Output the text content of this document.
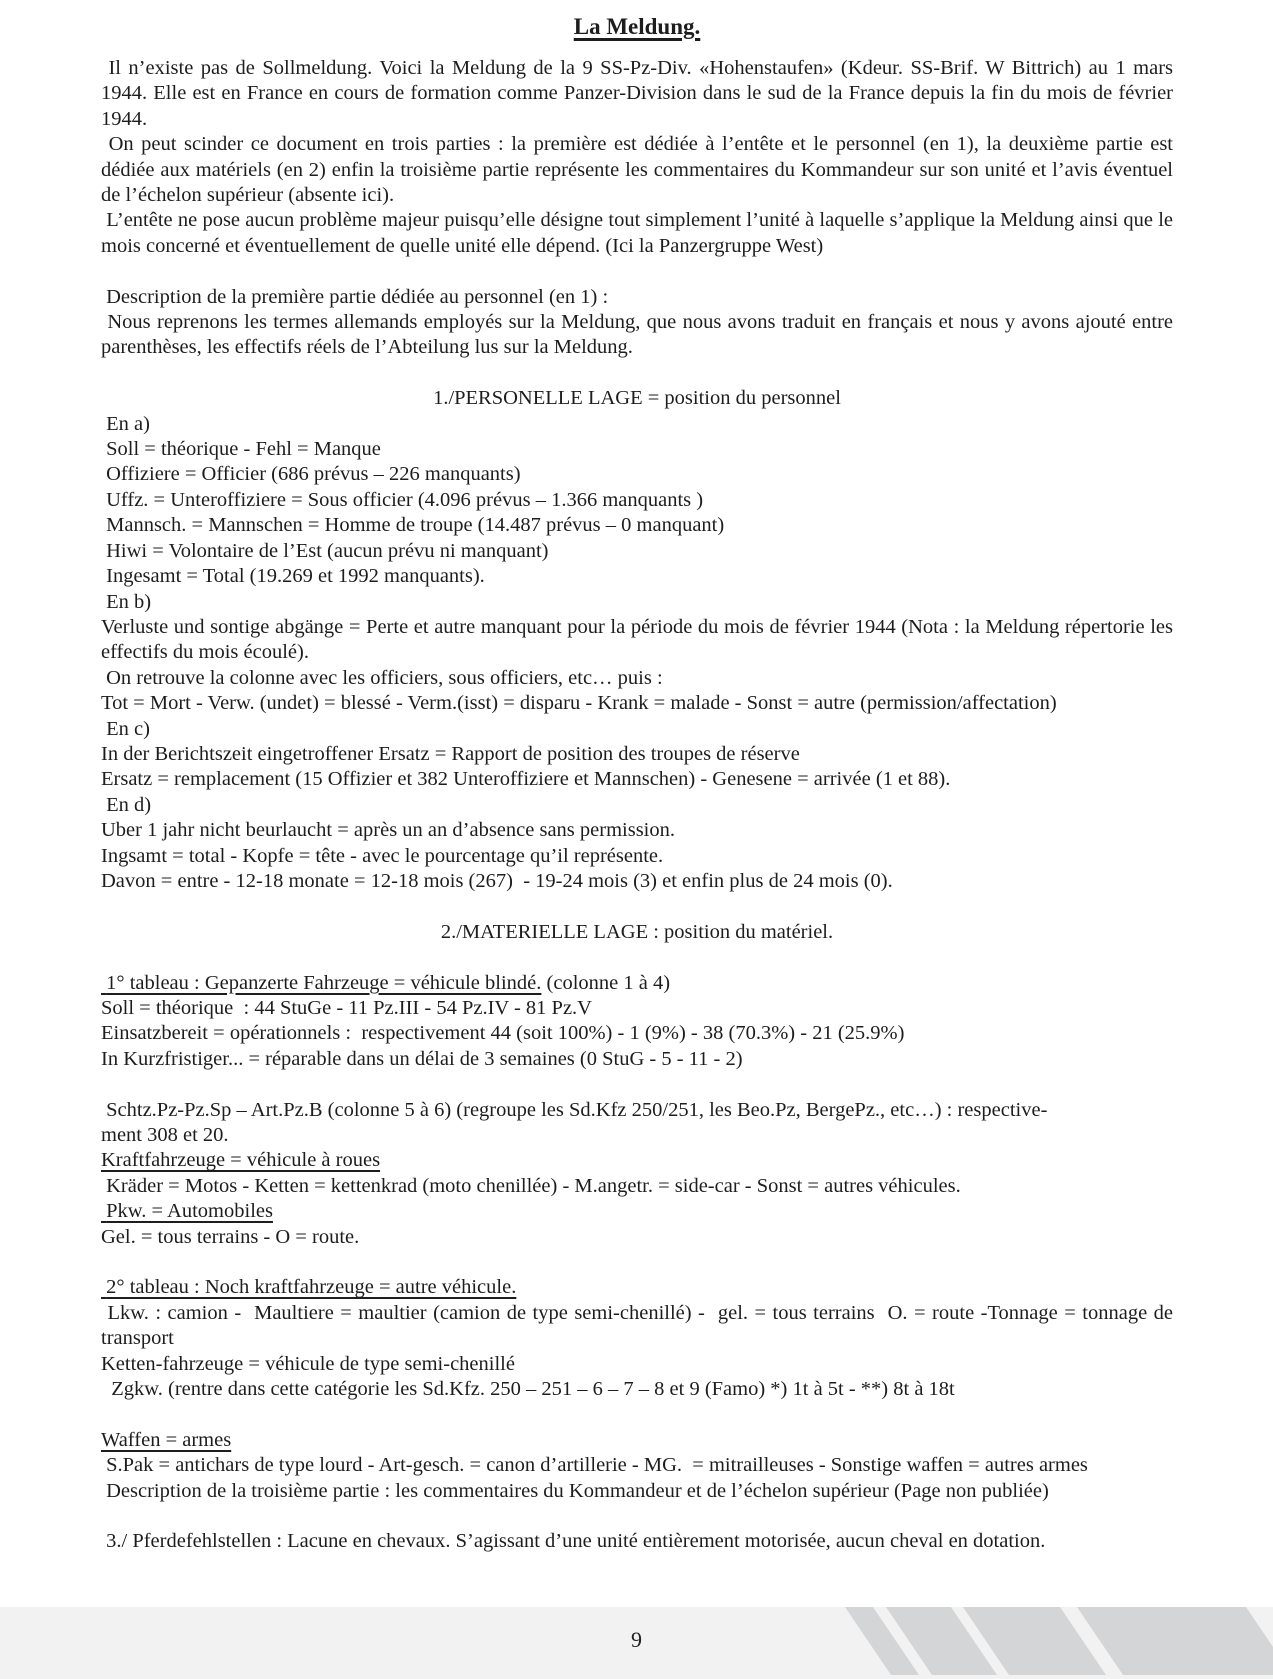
La Meldung.

Il n’existe pas de Sollmeldung. Voici la Meldung de la 9 SS-Pz-Div. «Hohenstaufen» (Kdeur. SS-Brif. W Bittrich) au 1 mars 1944. Elle est en France en cours de formation comme Panzer-Division dans le sud de la France depuis la fin du mois de février 1944.

On peut scinder ce document en trois parties : la première est dédiée à l’entête et le personnel (en 1), la deuxième partie est dédiée aux matériels (en 2) enfin la troisième partie représente les commentaires du Kommandeur sur son unité et l’avis éventuel de l’échelon supérieur (absente ici).

L’entête ne pose aucun problème majeur puisqu’elle désigne tout simplement l’unité à laquelle s’applique la Meldung ainsi que le mois concerné et éventuellement de quelle unité elle dépend. (Ici la Panzergruppe West)

Description de la première partie dédiée au personnel (en 1) :

Nous reprenons les termes allemands employés sur la Meldung, que nous avons traduit en français et nous y avons ajouté entre parenthèses, les effectifs réels de l’Abteilung lus sur la Meldung.

1./PERSONELLE LAGE = position du personnel

En a)

Soll = théorique - Fehl = Manque

Offiziere = Officier (686 prévus – 226 manquants)

Uffz. = Unteroffiziere = Sous officier (4.096 prévus – 1.366 manquants )

Mannsch. = Mannschen = Homme de troupe (14.487 prévus – 0 manquant)

Hiwi = Volontaire de l’Est (aucun prévu ni manquant)

Ingesamt = Total (19.269 et 1992 manquants).

En b)

Verluste und sontige abgänge = Perte et autre manquant pour la période du mois de février 1944 (Nota : la Meldung répertorie les effectifs du mois écoulé).

On retrouve la colonne avec les officiers, sous officiers, etc… puis :

Tot = Mort - Verw. (undet) = blessé - Verm.(isst) = disparu - Krank = malade - Sonst = autre (permission/affectation)

En c)

In der Berichtszeit eingetroffener Ersatz = Rapport de position des troupes de réserve

Ersatz = remplacement (15 Offizier et 382 Unteroffiziere et Mannschen) - Genesene = arrivée (1 et 88).

En d)

Uber 1 jahr nicht beurlaucht = après un an d’absence sans permission.

Ingsamt = total - Kopfe = tête - avec le pourcentage qu’il représente.

Davon = entre - 12-18 monate = 12-18 mois (267)  - 19-24 mois (3) et enfin plus de 24 mois (0).

2./MATERIELLE LAGE : position du matériel.

1° tableau : Gepanzerte Fahrzeuge = véhicule blindé. (colonne 1 à 4)

Soll = théorique  : 44 StuGe - 11 Pz.III - 54 Pz.IV - 81 Pz.V

Einsatzbereit = opérationnels :  respectivement 44 (soit 100%) - 1 (9%) - 38 (70.3%) - 21 (25.9%)

In Kurzfristiger... = réparable dans un délai de 3 semaines (0 StuG - 5 - 11 - 2)

Schtz.Pz-Pz.Sp – Art.Pz.B (colonne 5 à 6) (regroupe les Sd.Kfz 250/251, les Beo.Pz, BergePz., etc…) : respective-

ment 308 et 20.

Kraftfahrzeuge = véhicule à roues

Kräder = Motos - Ketten = kettenkrad (moto chenillée) - M.angetr. = side-car - Sonst = autres véhicules.

Pkw. = Automobiles

Gel. = tous terrains - O = route.

2° tableau : Noch kraftfahrzeuge = autre véhicule.

Lkw. : camion -  Maultiere = maultier (camion de type semi-chenillé) -  gel. = tous terrains  O. = route -Tonnage = tonnage de transport

Ketten-fahrzeuge = véhicule de type semi-chenillé

Zgkw. (rentre dans cette catégorie les Sd.Kfz. 250 – 251 – 6 – 7 – 8 et 9 (Famo) *) 1t à 5t - **) 8t à 18t

Waffen = armes

S.Pak = antichars de type lourd - Art-gesch. = canon d’artillerie - MG.  = mitrailleuses - Sonstige waffen = autres armes

Description de la troisième partie : les commentaires du Kommandeur et de l’échelon supérieur (Page non publiée)

3./ Pferdefehlstellen : Lacune en chevaux. S’agissant d’une unité entièrement motorisée, aucun cheval en dotation.

9
